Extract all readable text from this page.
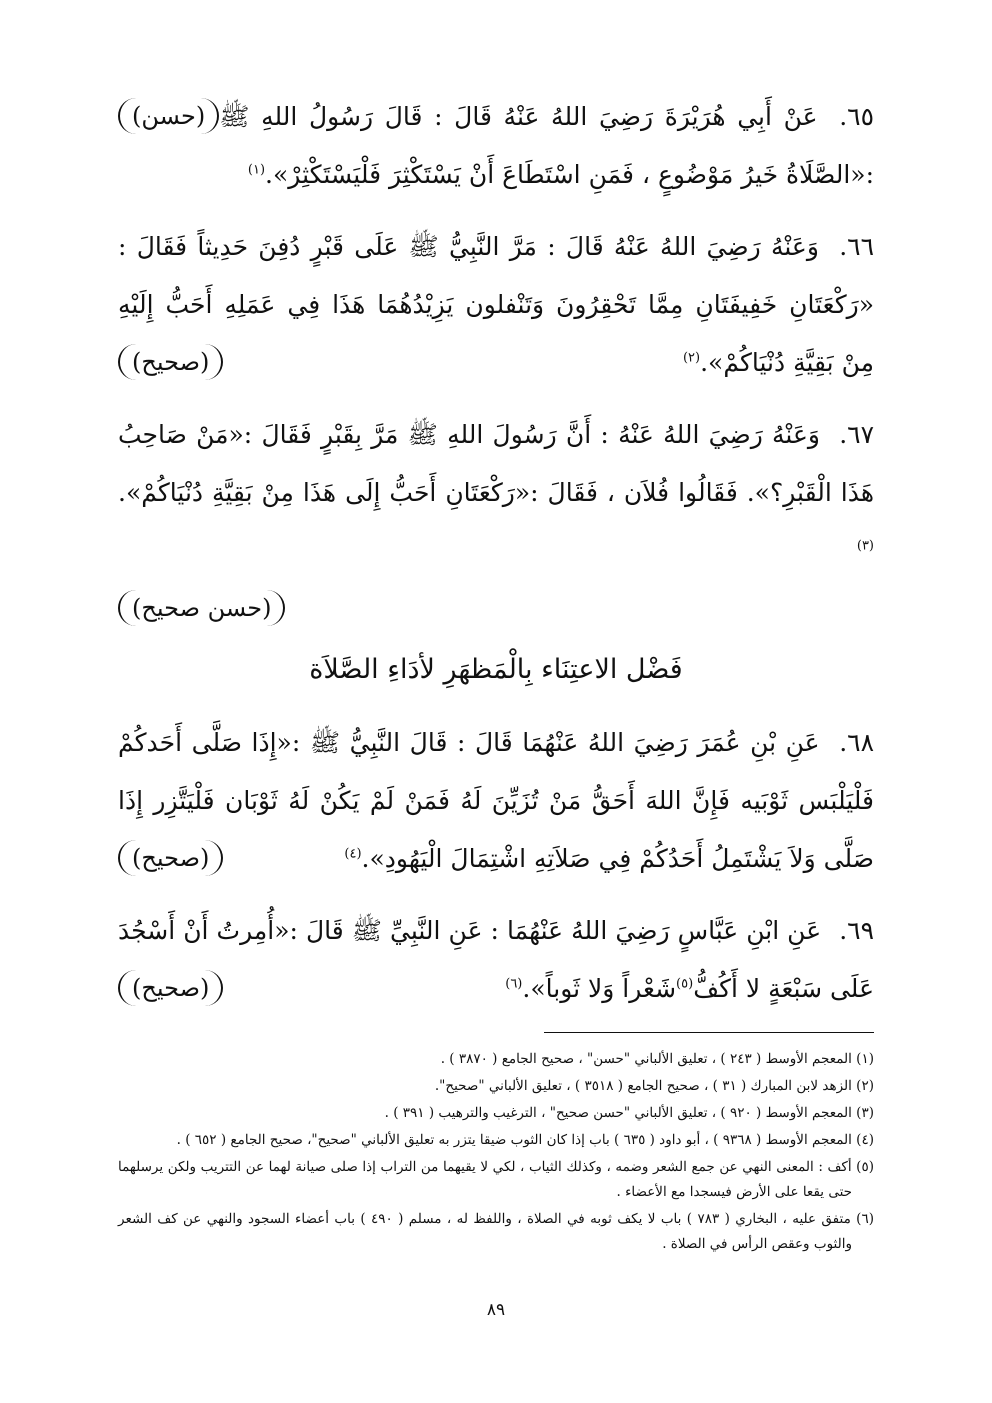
(حسن)	٦٥. عَنْ أَبِي هُرَيْرَةَ رَضِيَ اللهُ عَنْهُ قَالَ : قَالَ رَسُولُ اللهِ ﷺ :«الصَّلَاةُ خَيرُ مَوْضُوعٍ ، فَمَنِ اسْتَطَاعَ أَنْ يَسْتَكْثِرَ فَلْيَسْتَكْثِرْ».$^{(١)}$
٦٦. وَعَنْهُ رَضِيَ اللهُ عَنْهُ قَالَ : مَرَّ النَّبِيُّ ﷺ عَلَى قَبْرٍ دُفِنَ حَدِيثاً فَقَالَ : «رَكْعَتَانِ خَفِيفَتَانِ مِمَّا تَحْقِرُونَ وَتَنْفلون يَزِيْدُهُمَا هَذَا فِي عَمَلِهِ أَحَبُّ إِلَيْهِ مِنْ بَقِيَّةِ دُنْيَاكُمْ».$^{(٢)}$
(صحيح)
٦٧. وَعَنْهُ رَضِيَ اللهُ عَنْهُ : أَنَّ رَسُولَ اللهِ ﷺ مَرَّ بِقَبْرٍ فَقَالَ :«مَنْ صَاحِبُ هَذَا الْقَبْرِ؟». فَقَالُوا فُلاَن ، فَقَالَ :«رَكْعَتَانِ أَحَبُّ إِلَى هَذَا مِنْ بَقِيَّةِ دُنْيَاكُمْ».$^{(٣)}$
(حسن صحيح)
فَضْل الاعتِنَاء بِالْمَظهَرِ لأدَاءِ الصَّلاَة
٦٨. عَنِ بْنِ عُمَرَ رَضِيَ اللهُ عَنْهُمَا قَالَ : قَالَ النَّبِيُّ ﷺ :«إِذَا صَلَّى أَحَدكُمْ فَلْيَلْبَس ثَوْبَيه فَإِنَّ اللهَ أَحَقُّ مَنْ تُزَيِّنَ لَهُ فَمَنْ لَمْ يَكُنْ لَهُ ثَوْبَان فَلْيَتَّزِر إِذَا صَلَّى وَلاَ يَشْتَمِلُ أَحَدُكُمْ فِي صَلاَتِهِ اشْتِمَالَ الْيَهُودِ».$^{(٤)}$
(صحيح)
٦٩. عَنِ ابْنِ عَبَّاسٍ رَضِيَ اللهُ عَنْهُمَا : عَنِ النَّبِيِّ ﷺ قَالَ :«أُمِرتُ أَنْ أَسْجُدَ عَلَى سَبْعَةٍ لا أَكُفُّ$^{(٥)}$شَعْراً وَلا ثَوباً».$^{(٦)}$
(صحيح)
(١) المعجم الأوسط ( ٢٤٣ ) ، تعليق الألباني "حسن" ، صحيح الجامع ( ٣٨٧٠ ) .
(٢) الزهد لابن المبارك ( ٣١ ) ، صحيح الجامع ( ٣٥١٨ ) ، تعليق الألباني "صحيح".
(٣) المعجم الأوسط ( ٩٢٠ ) ، تعليق الألباني "حسن صحيح" ، الترغيب والترهيب ( ٣٩١ ) .
(٤) المعجم الأوسط ( ٩٣٦٨ ) ، أبو داود ( ٦٣٥ ) باب إذا كان الثوب ضيقا يتزر به تعليق الألباني "صحيح"، صحيح الجامع ( ٦٥٢ ) .
(٥) أكف : المعنى النهي عن جمع الشعر وضمه ، وكذلك الثياب ، لكي لا يقيهما من التراب إذا صلى صيانة لهما عن التتريب ولكن يرسلهما حتى يقعا على الأرض فيسجدا مع الأعضاء .
(٦) متفق عليه ، البخاري ( ٧٨٣ ) باب لا يكف ثوبه في الصلاة ، واللفظ له ، مسلم ( ٤٩٠ ) باب أعضاء السجود والنهي عن كف الشعر والثوب وعقص الرأس في الصلاة .
٨٩
